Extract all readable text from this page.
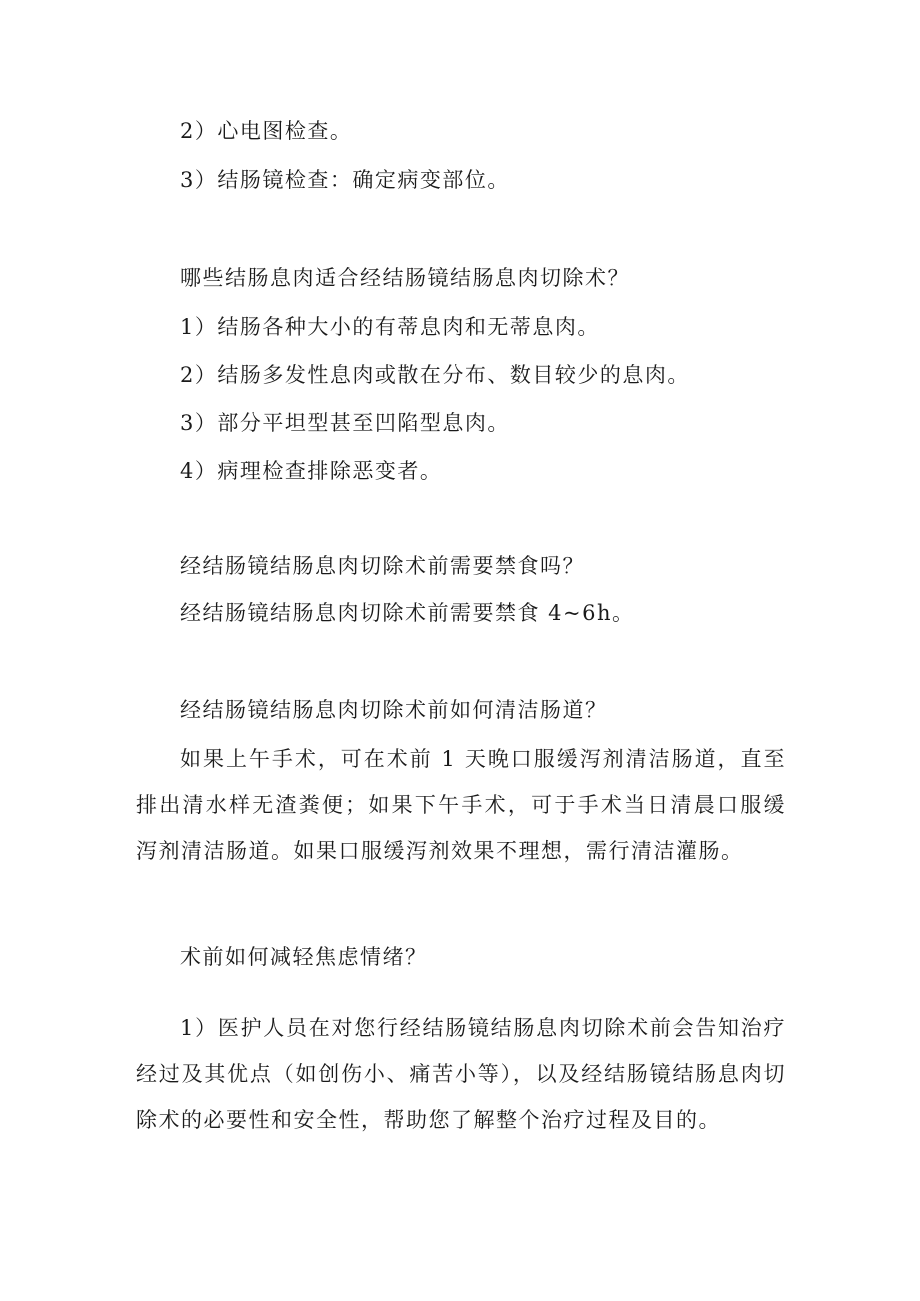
2）心电图检查。
3）结肠镜检查：确定病变部位。
哪些结肠息肉适合经结肠镜结肠息肉切除术？
1）结肠各种大小的有蒂息肉和无蒂息肉。
2）结肠多发性息肉或散在分布、数目较少的息肉。
3）部分平坦型甚至凹陷型息肉。
4）病理检查排除恶变者。
经结肠镜结肠息肉切除术前需要禁食吗？
经结肠镜结肠息肉切除术前需要禁食 4~6h。
经结肠镜结肠息肉切除术前如何清洁肠道？
如果上午手术，可在术前 1 天晚口服缓泻剂清洁肠道，直至排出清水样无渣粪便；如果下午手术，可于手术当日清晨口服缓泻剂清洁肠道。如果口服缓泻剂效果不理想，需行清洁灌肠。
术前如何减轻焦虑情绪？
1）医护人员在对您行经结肠镜结肠息肉切除术前会告知治疗经过及其优点（如创伤小、痛苦小等），以及经结肠镜结肠息肉切除术的必要性和安全性，帮助您了解整个治疗过程及目的。
